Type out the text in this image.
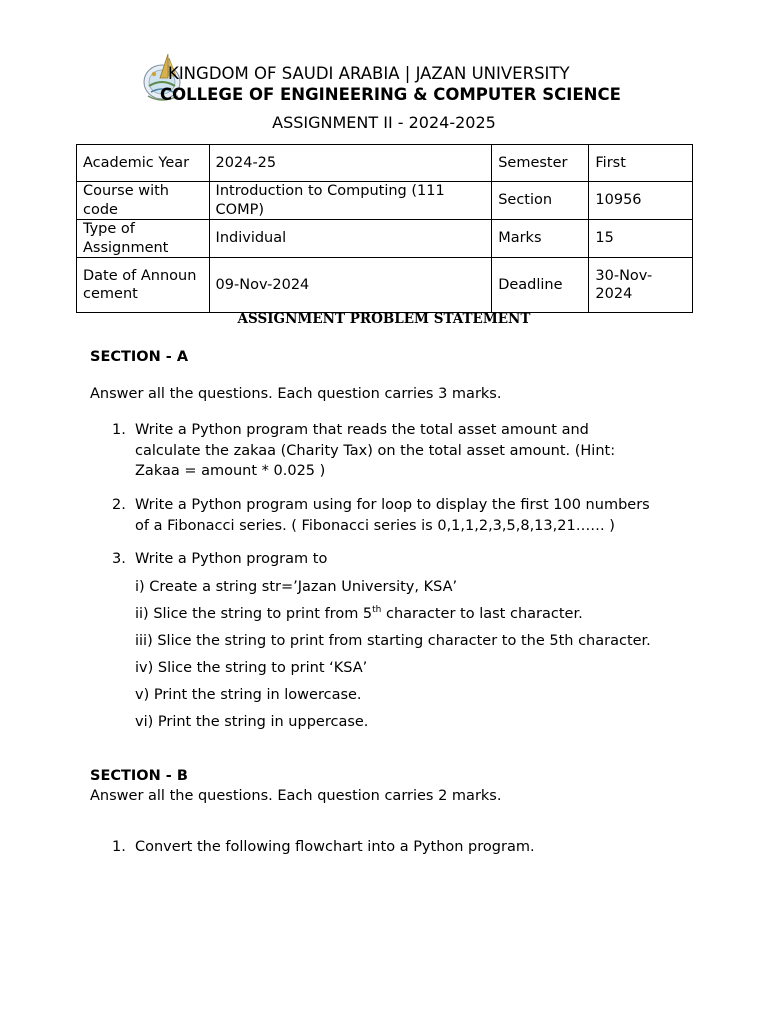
KINGDOM OF SAUDI ARABIA | JAZAN UNIVERSITY
COLLEGE OF ENGINEERING & COMPUTER SCIENCE
ASSIGNMENT II - 2024-2025
Academic Year	2024-25	Semester	First
Course with code	Introduction to Computing (111 COMP)	Section	10956
Type of Assignment	Individual	Marks	15
Date of Announcement	09-Nov-2024	Deadline	30-Nov-2024
ASSIGNMENT PROBLEM STATEMENT
SECTION - A
Answer all the questions. Each question carries 3 marks.
1. Write a Python program that reads the total asset amount and
calculate the zakaa (Charity Tax) on the total asset amount. (Hint:
Zakaa = amount * 0.025 )
2. Write a Python program using for loop to display the first 100 numbers
of a Fibonacci series. ( Fibonacci series is 0,1,1,2,3,5,8,13,21…… )
3. Write a Python program to
i) Create a string str=’Jazan University, KSA’
ii) Slice the string to print from 5th character to last character.
iii) Slice the string to print from starting character to the 5th character.
iv) Slice the string to print ‘KSA’
v) Print the string in lowercase.
vi) Print the string in uppercase.
SECTION - B
Answer all the questions. Each question carries 2 marks.
1. Convert the following flowchart into a Python program.
